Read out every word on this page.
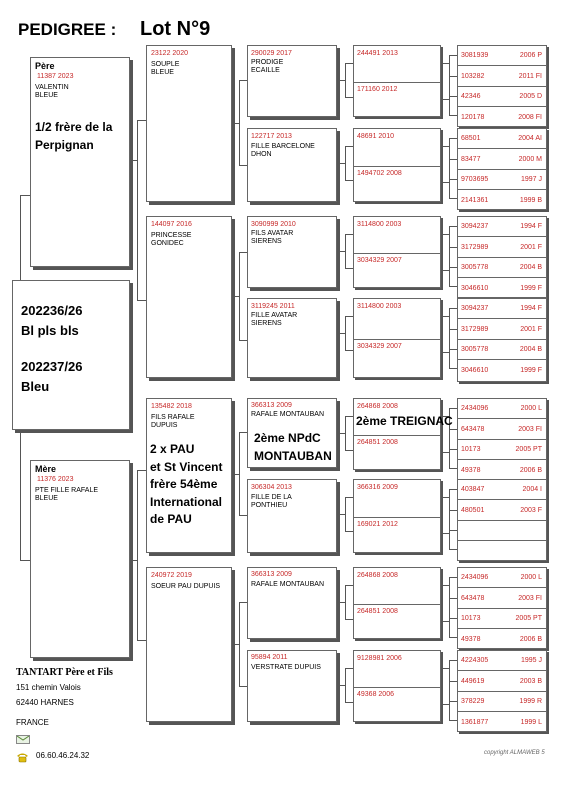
PEDIGREE : Lot N°9
202236/26
Bl pls bls
202237/26
Bleu
Père
11387 2023
VALENTIN
BLEUE
1/2 frère de la Perpignan
Mère
11376 2023
PTE FILLE RAFALE
BLEUE
23122 2020
SOUPLE
BLEUE
144097 2016
PRINCESSE
GONIDEC
135482 2018
FILS RAFALE
DUPUIS
2 x PAU
et St Vincent
frère 54ème
International
de PAU
240972 2019
SOEUR PAU DUPUIS
290029 2017
PRODIGE
ECAILLE
122717 2013
FILLE BARCELONE
DHON
3090999 2010
FILS AVATAR
SIERENS
3119245 2011
FILLE AVATAR
SIERENS
366313 2009
RAFALE MONTAUBAN
2ème NPdC
MONTAUBAN
306304 2013
FILLE DE LA
PONTHIEU
366313 2009
RAFALE MONTAUBAN
95894 2011
VERSTRATE DUPUIS
244491 2013
171160 2012
48691 2010
1494702 2008
3114800 2003
3034329 2007
3114800 2003
3034329 2007
264868 2008
264851 2008
366316 2009
169021 2012
264868 2008
264851 2008
9128981 2006
49368 2006
3081939	2006 P
103282	2011 FI
42346	2005 D
120178	2008 FI
68501	2004 AI
83477	2000 M
9703695	1997 J
2141361	1999 B
3094237	1994 F
3172989	2001 F
3005778	2004 B
3046610	1999 F
3094237	1994 F
3172989	2001 F
3005778	2004 B
3046610	1999 F
2434096	2000 L
643478	2003 FI
10173	2005 PT
49378	2006 B
403847	2004 I
480501	2003 F
2434096	2000 L
643478	2003 FI
10173	2005 PT
49378	2006 B
4224305	1995 J
449619	2003 B
378229	1999 R
1361877	1999 L
2ème TREIGNAC
TANTART Père et Fils
151 chemin Valois
62440 HARNES
FRANCE
06.60.46.24.32	copyright ALMAWEB 5
